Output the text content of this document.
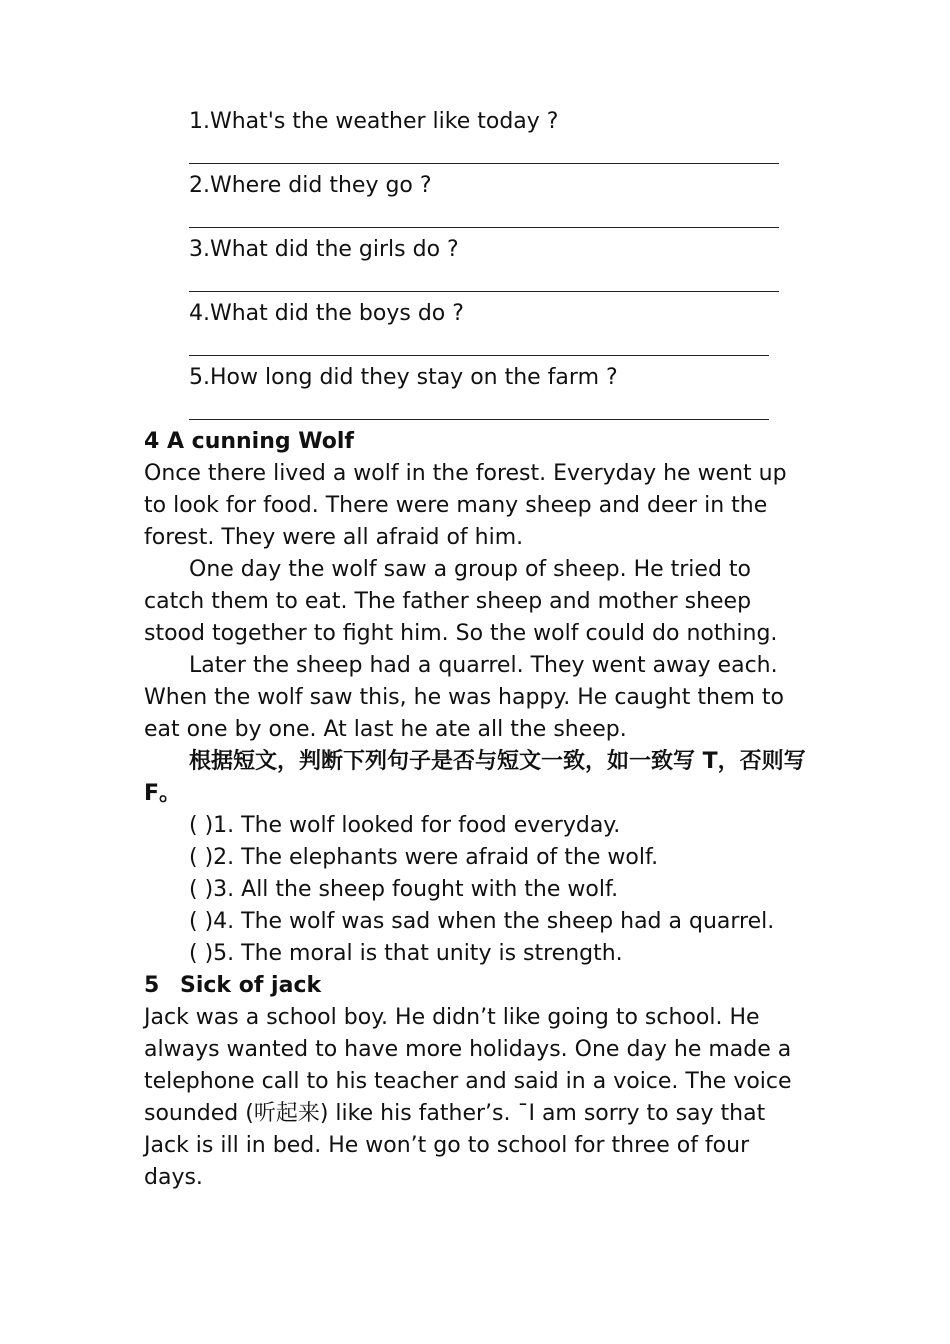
1.What's the weather like today ?
2.Where did they go ?
3.What did the girls do ?
4.What did the boys do ?
5.How long did they stay on the farm ?
4 A cunning Wolf

Once there lived a wolf in the forest. Everyday he went up to look for food. There were many sheep and deer in the forest. They were all afraid of him.

One day the wolf saw a group of sheep. He tried to catch them to eat. The father sheep and mother sheep stood together to fight him. So the wolf could do nothing.

Later the sheep had a quarrel. They went away each. When the wolf saw this, he was happy. He caught them to eat one by one. At last he ate all the sheep.

根据短文，判断下列句子是否与短文一致，如一致写 T，否则写 F。

( )1. The wolf looked for food everyday.
( )2. The elephants were afraid of the wolf.
( )3. All the sheep fought with the wolf.
( )4. The wolf was sad when the sheep had a quarrel.
( )5. The moral is that unity is strength.
5 Sick of jack

Jack was a school boy. He didn’t like going to school. He always wanted to have more holidays. One day he made a telephone call to his teacher and said in a voice. The voice sounded (听起来) like his father’s. ¯I am sorry to say that Jack is ill in bed. He won’t go to school for three of four days.
